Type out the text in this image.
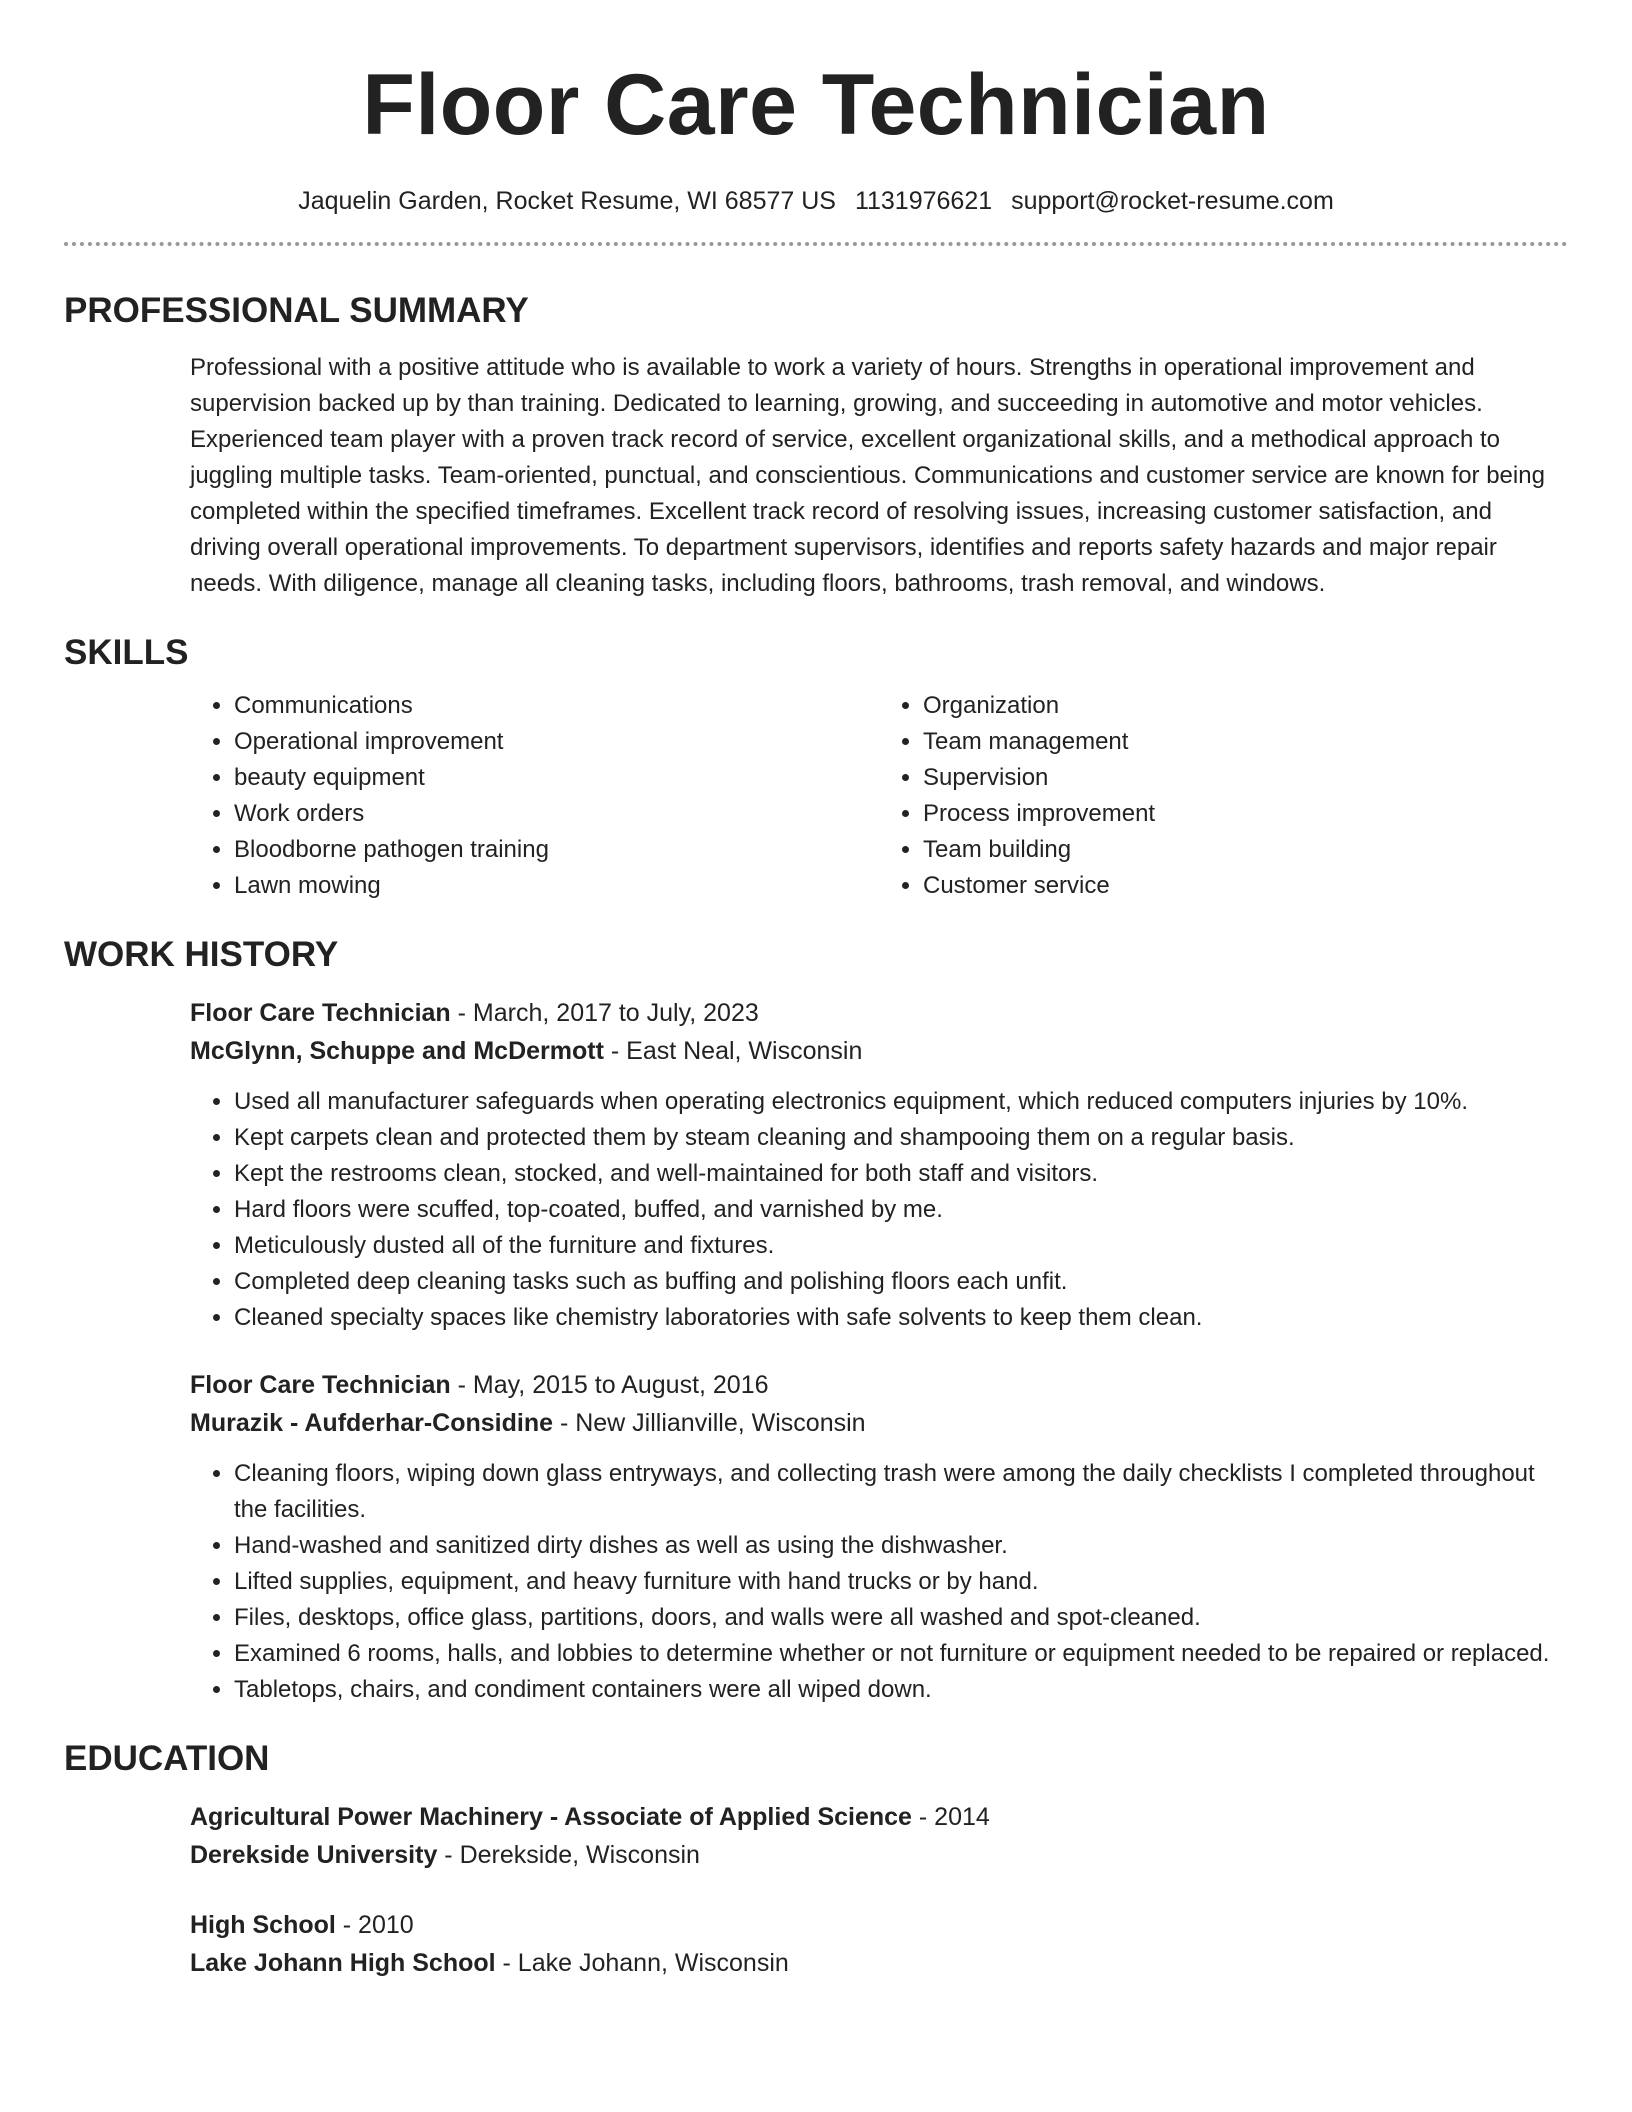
Floor Care Technician
Jaquelin Garden, Rocket Resume, WI 68577 US 1131976621 support@rocket-resume.com
PROFESSIONAL SUMMARY

Professional with a positive attitude who is available to work a variety of hours. Strengths in operational improvement and supervision backed up by than training. Dedicated to learning, growing, and succeeding in automotive and motor vehicles. Experienced team player with a proven track record of service, excellent organizational skills, and a methodical approach to juggling multiple tasks. Team-oriented, punctual, and conscientious. Communications and customer service are known for being completed within the specified timeframes. Excellent track record of resolving issues, increasing customer satisfaction, and driving overall operational improvements. To department supervisors, identifies and reports safety hazards and major repair needs. With diligence, manage all cleaning tasks, including floors, bathrooms, trash removal, and windows.

SKILLS
• Communications
• Operational improvement
• beauty equipment
• Work orders
• Bloodborne pathogen training
• Lawn mowing
• Organization
• Team management
• Supervision
• Process improvement
• Team building
• Customer service
WORK HISTORY
Floor Care Technician - March, 2017 to July, 2023
McGlynn, Schuppe and McDermott - East Neal, Wisconsin
• Used all manufacturer safeguards when operating electronics equipment, which reduced computers injuries by 10%.
• Kept carpets clean and protected them by steam cleaning and shampooing them on a regular basis.
• Kept the restrooms clean, stocked, and well-maintained for both staff and visitors.
• Hard floors were scuffed, top-coated, buffed, and varnished by me.
• Meticulously dusted all of the furniture and fixtures.
• Completed deep cleaning tasks such as buffing and polishing floors each unfit.
• Cleaned specialty spaces like chemistry laboratories with safe solvents to keep them clean.
Floor Care Technician - May, 2015 to August, 2016
Murazik - Aufderhar-Considine - New Jillianville, Wisconsin
• Cleaning floors, wiping down glass entryways, and collecting trash were among the daily checklists I completed throughout the facilities.
• Hand-washed and sanitized dirty dishes as well as using the dishwasher.
• Lifted supplies, equipment, and heavy furniture with hand trucks or by hand.
• Files, desktops, office glass, partitions, doors, and walls were all washed and spot-cleaned.
• Examined 6 rooms, halls, and lobbies to determine whether or not furniture or equipment needed to be repaired or replaced.
• Tabletops, chairs, and condiment containers were all wiped down.
EDUCATION
Agricultural Power Machinery - Associate of Applied Science - 2014
Derekside University - Derekside, Wisconsin
High School - 2010
Lake Johann High School - Lake Johann, Wisconsin
